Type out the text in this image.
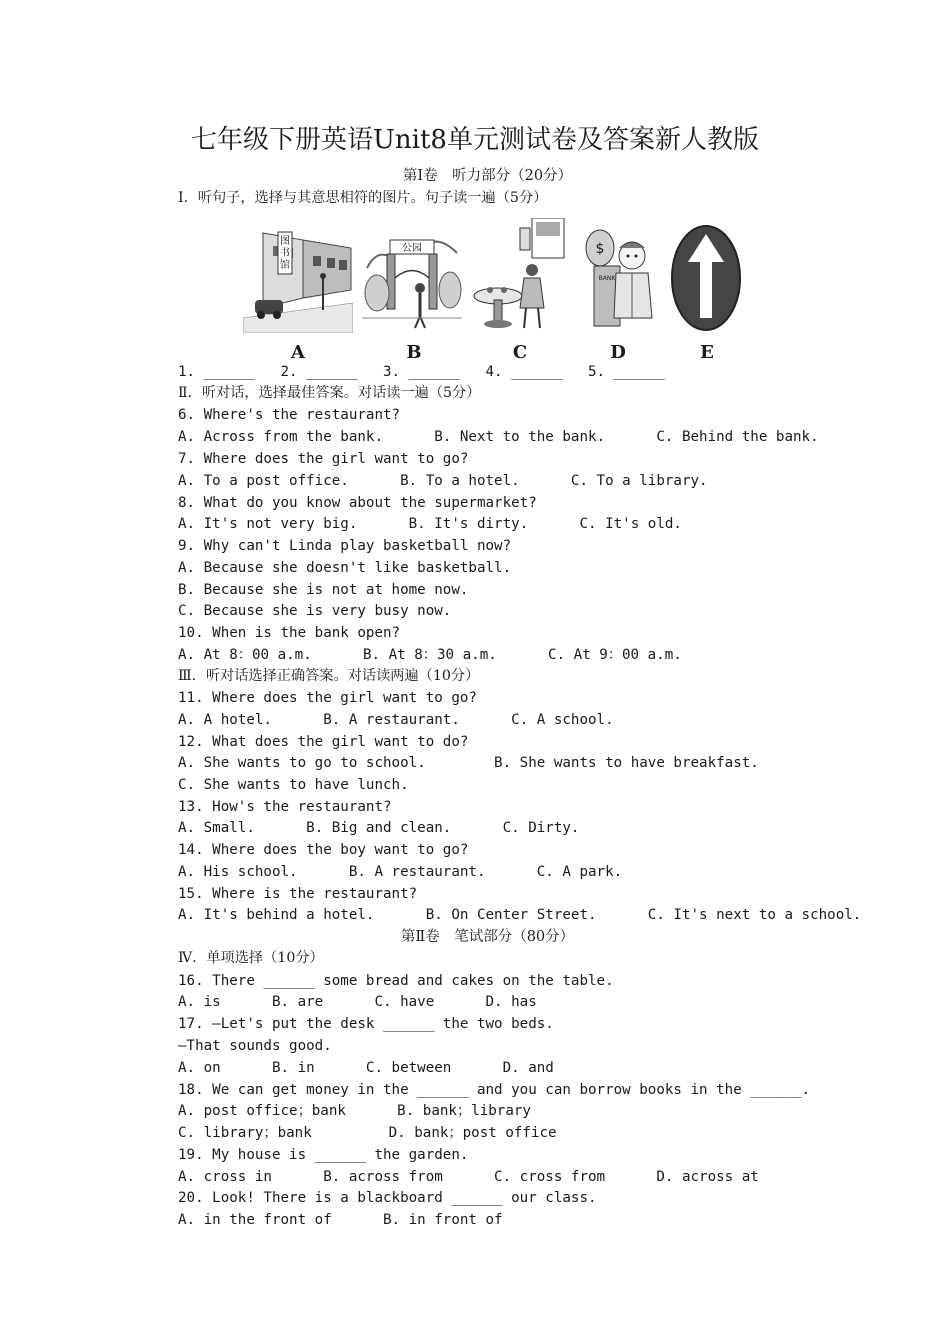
七年级下册英语Unit8单元测试卷及答案新人教版
第Ⅰ卷　听力部分（20分）
Ⅰ．听句子，选择与其意思相符的图片。句子读一遍（5分）
图
书
馆
公园	$
BANK
A	B	C	D	E
1. ______   2. ______   3. ______   4. ______   5. ______
Ⅱ．听对话，选择最佳答案。对话读一遍（5分）
6. Where's the restaurant?
A. Across from the bank.      B. Next to the bank.      C. Behind the bank.
7. Where does the girl want to go?
A. To a post office.      B. To a hotel.      C. To a library.
8. What do you know about the supermarket?
A. It's not very big.      B. It's dirty.      C. It's old.
9. Why can't Linda play basketball now?
A. Because she doesn't like basketball.
B. Because she is not at home now.
C. Because she is very busy now.
10. When is the bank open?
A. At 8：00 a.m.      B. At 8：30 a.m.      C. At 9：00 a.m.
Ⅲ．听对话选择正确答案。对话读两遍（10分）
11. Where does the girl want to go?
A. A hotel.      B. A restaurant.      C. A school.
12. What does the girl want to do?
A. She wants to go to school.        B. She wants to have breakfast.
C. She wants to have lunch.
13. How's the restaurant?
A. Small.      B. Big and clean.      C. Dirty.
14. Where does the boy want to go?
A. His school.      B. A restaurant.      C. A park.
15. Where is the restaurant?
A. It's behind a hotel.      B. On Center Street.      C. It's next to a school.
第Ⅱ卷　笔试部分（80分）
Ⅳ．单项选择（10分）
16. There ______ some bread and cakes on the table.
A. is      B. are      C. have      D. has
17. —Let's put the desk ______ the two beds.
—That sounds good.
A. on      B. in      C. between      D. and
18. We can get money in the ______ and you can borrow books in the ______.
A. post office；bank      B. bank；library
C. library；bank         D. bank；post office
19. My house is ______ the garden.
A. cross in      B. across from      C. cross from      D. across at
20. Look! There is a blackboard ______ our class.
A. in the front of      B. in front of
